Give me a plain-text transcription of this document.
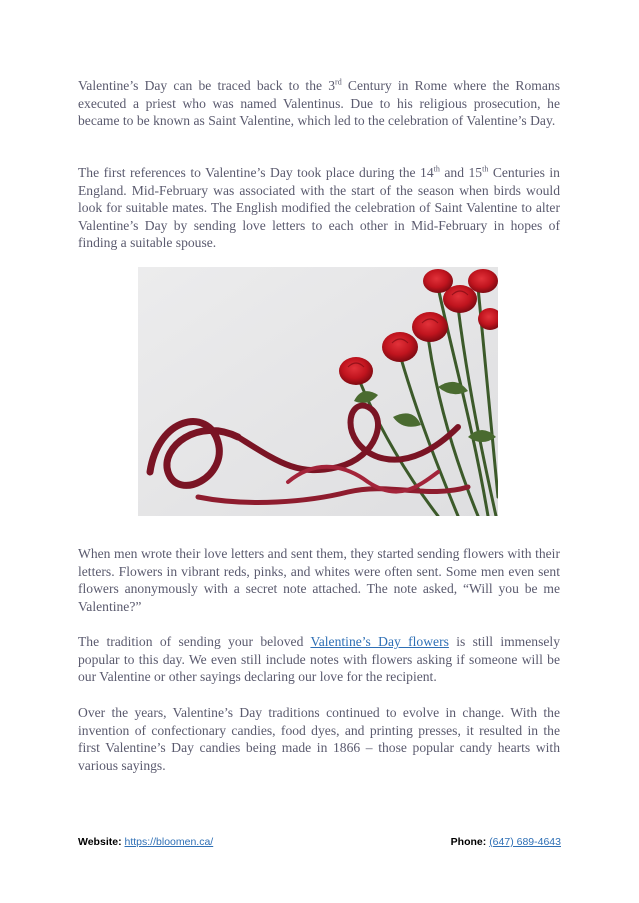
Valentine’s Day can be traced back to the 3rd Century in Rome where the Romans executed a priest who was named Valentinus. Due to his religious prosecution, he became to be known as Saint Valentine, which led to the celebration of Valentine’s Day.

The first references to Valentine’s Day took place during the 14th and 15th Centuries in England. Mid-February was associated with the start of the season when birds would look for suitable mates. The English modified the celebration of Saint Valentine to alter Valentine’s Day by sending love letters to each other in Mid-February in hopes of finding a suitable spouse.

When men wrote their love letters and sent them, they started sending flowers with their letters. Flowers in vibrant reds, pinks, and whites were often sent. Some men even sent flowers anonymously with a secret note attached. The note asked, “Will you be me Valentine?”

The tradition of sending your beloved Valentine’s Day flowers is still immensely popular to this day. We even still include notes with flowers asking if someone will be our Valentine or other sayings declaring our love for the recipient.

Over the years, Valentine’s Day traditions continued to evolve in change. With the invention of confectionary candies, food dyes, and printing presses, it resulted in the first Valentine’s Day candies being made in 1866 – those popular candy hearts with various sayings.

Website: https://bloomen.ca/	Phone: (647) 689-4643
